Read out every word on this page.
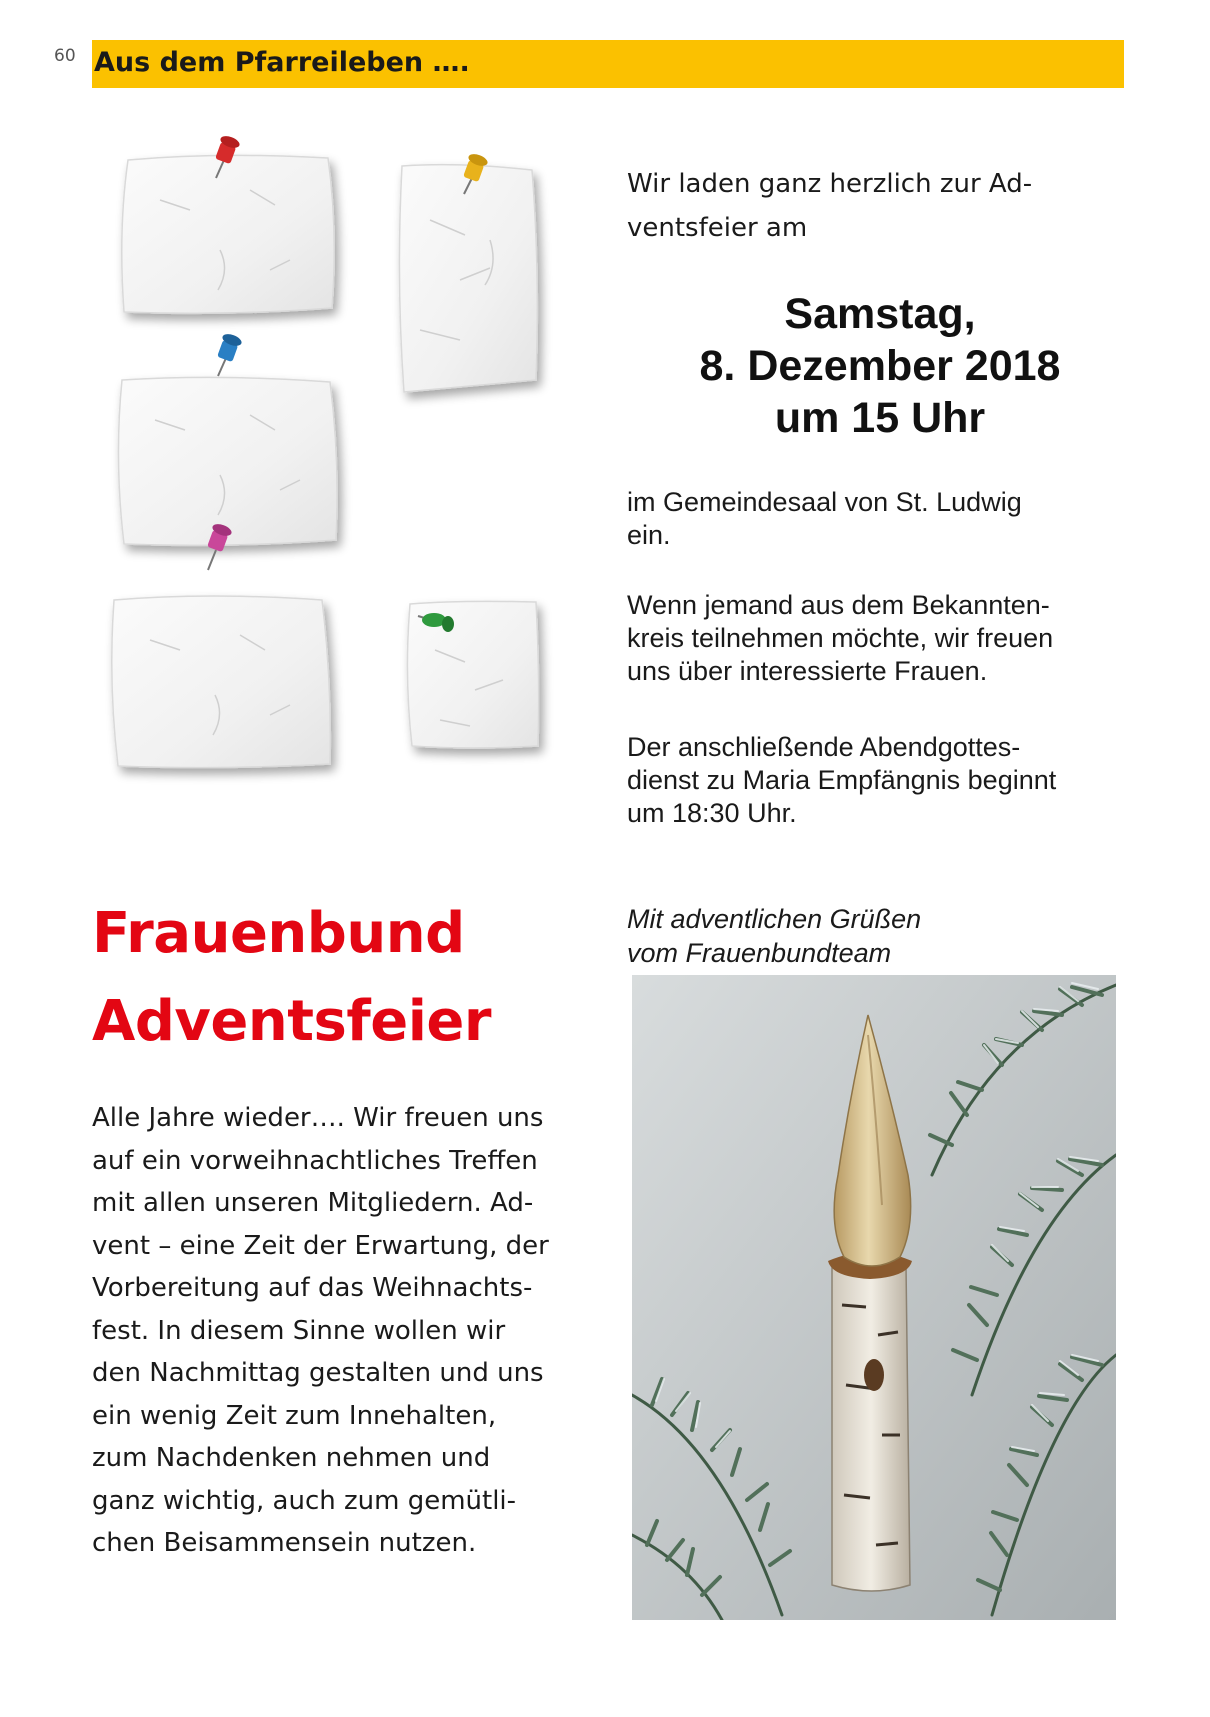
60 Aus dem Pfarreileben ….
Wir laden ganz herzlich zur Ad-
ventsfeier am
Samstag,
8. Dezember 2018
um 15 Uhr
im Gemeindesaal von St. Ludwig
ein.
Wenn jemand aus dem Bekannten-
kreis teilnehmen möchte, wir freuen
uns über interessierte Frauen.
Der anschließende Abendgottes-
dienst zu Maria Empfängnis beginnt
um 18:30 Uhr.
Mit adventlichen Grüßen
vom Frauenbundteam
Frauenbund
Adventsfeier
Alle Jahre wieder…. Wir freuen uns
auf ein vorweihnachtliches Treffen
mit allen unseren Mitgliedern. Ad-
vent – eine Zeit der Erwartung, der
Vorbereitung auf das Weihnachts-
fest. In diesem Sinne wollen wir
den Nachmittag gestalten und uns
ein wenig Zeit zum Innehalten,
zum Nachdenken nehmen und
ganz wichtig, auch zum gemütli-
chen Beisammensein nutzen.
